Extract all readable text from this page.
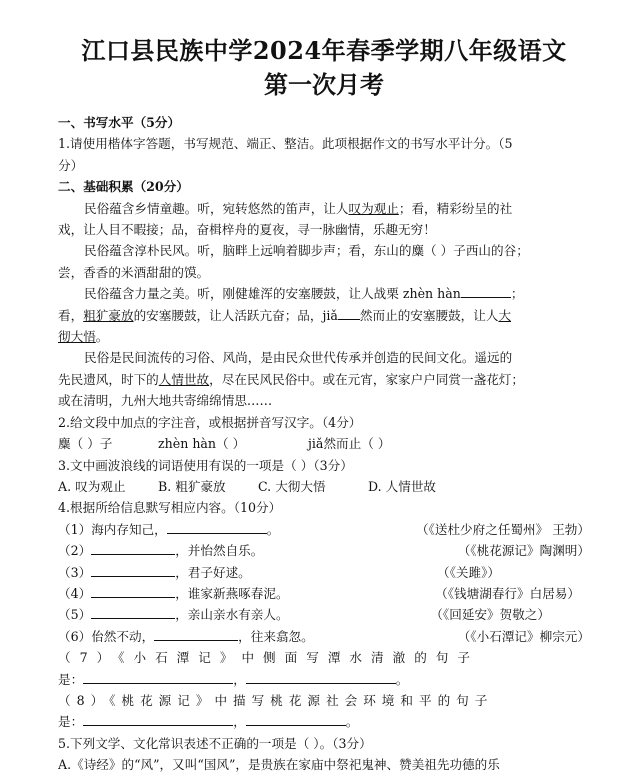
江口县民族中学2024年春季学期八年级语文
第一次月考
一、书写水平（5分）
1.请使用楷体字答题，书写规范、端正、整洁。此项根据作文的书写水平计分。（5
分）
二、基础积累（20分）
民俗蕴含乡情童趣。听，宛转悠然的笛声，让人叹为观止；看，精彩纷呈的社
戏，让人目不暇接；品，奋楫梓舟的夏夜，寻一脉幽情，乐趣无穷！
民俗蕴含淳朴民风。听，脑畔上远响着脚步声；看，东山的麋（ ）子西山的谷；
尝，香香的米酒甜甜的馍。
民俗蕴含力量之美。听，刚健雄浑的安塞腰鼓，让人战栗 zhèn hàn	；
看，粗犷豪放的安塞腰鼓，让人活跃亢奋；品，jiǎ 然而止的安塞腰鼓，让人大
彻大悟。
民俗是民间流传的习俗、风尚，是由民众世代传承并创造的民间文化。遥远的
先民遗风，时下的人情世故，尽在民风民俗中。或在元宵，家家户户同赏一盏花灯；
或在清明，九州大地共寄绵绵情思……
2.给文段中加点的字注音，或根据拼音写汉字。（4分）
麋（ ）子	zhèn hàn（ ）	jiǎ然而止（ ）
3.文中画波浪线的词语使用有误的一项是（ ）（3分）
A. 叹为观止	B. 粗犷豪放	C. 大彻大悟	D. 人情世故
4.根据所给信息默写相应内容。（10分）
（1）海内存知己，	。	（《送杜少府之任蜀州》 王勃）
（2）	，并怡然自乐。	（《桃花源记》陶渊明）
（3）	，君子好逑。	（《关雎》）
（4）	，谁家新燕啄春泥。	（《钱塘湖春行》白居易）
（5）	，亲山亲水有亲人。	（《回延安》贺敬之）
（6）佁然不动，	，往来翕忽。	（《小石潭记》柳宗元）
（7）《小石潭记》中侧面写潭水清澈的句子
是：	，	。
（8）《桃花源记》中描写桃花源社会环境和平的句子
是：	，	。
5.下列文学、文化常识表述不正确的一项是（ ）。（3分）
A.《诗经》的“风”，又叫“国风”，是贵族在家庙中祭祀鬼神、赞美祖先功德的乐
